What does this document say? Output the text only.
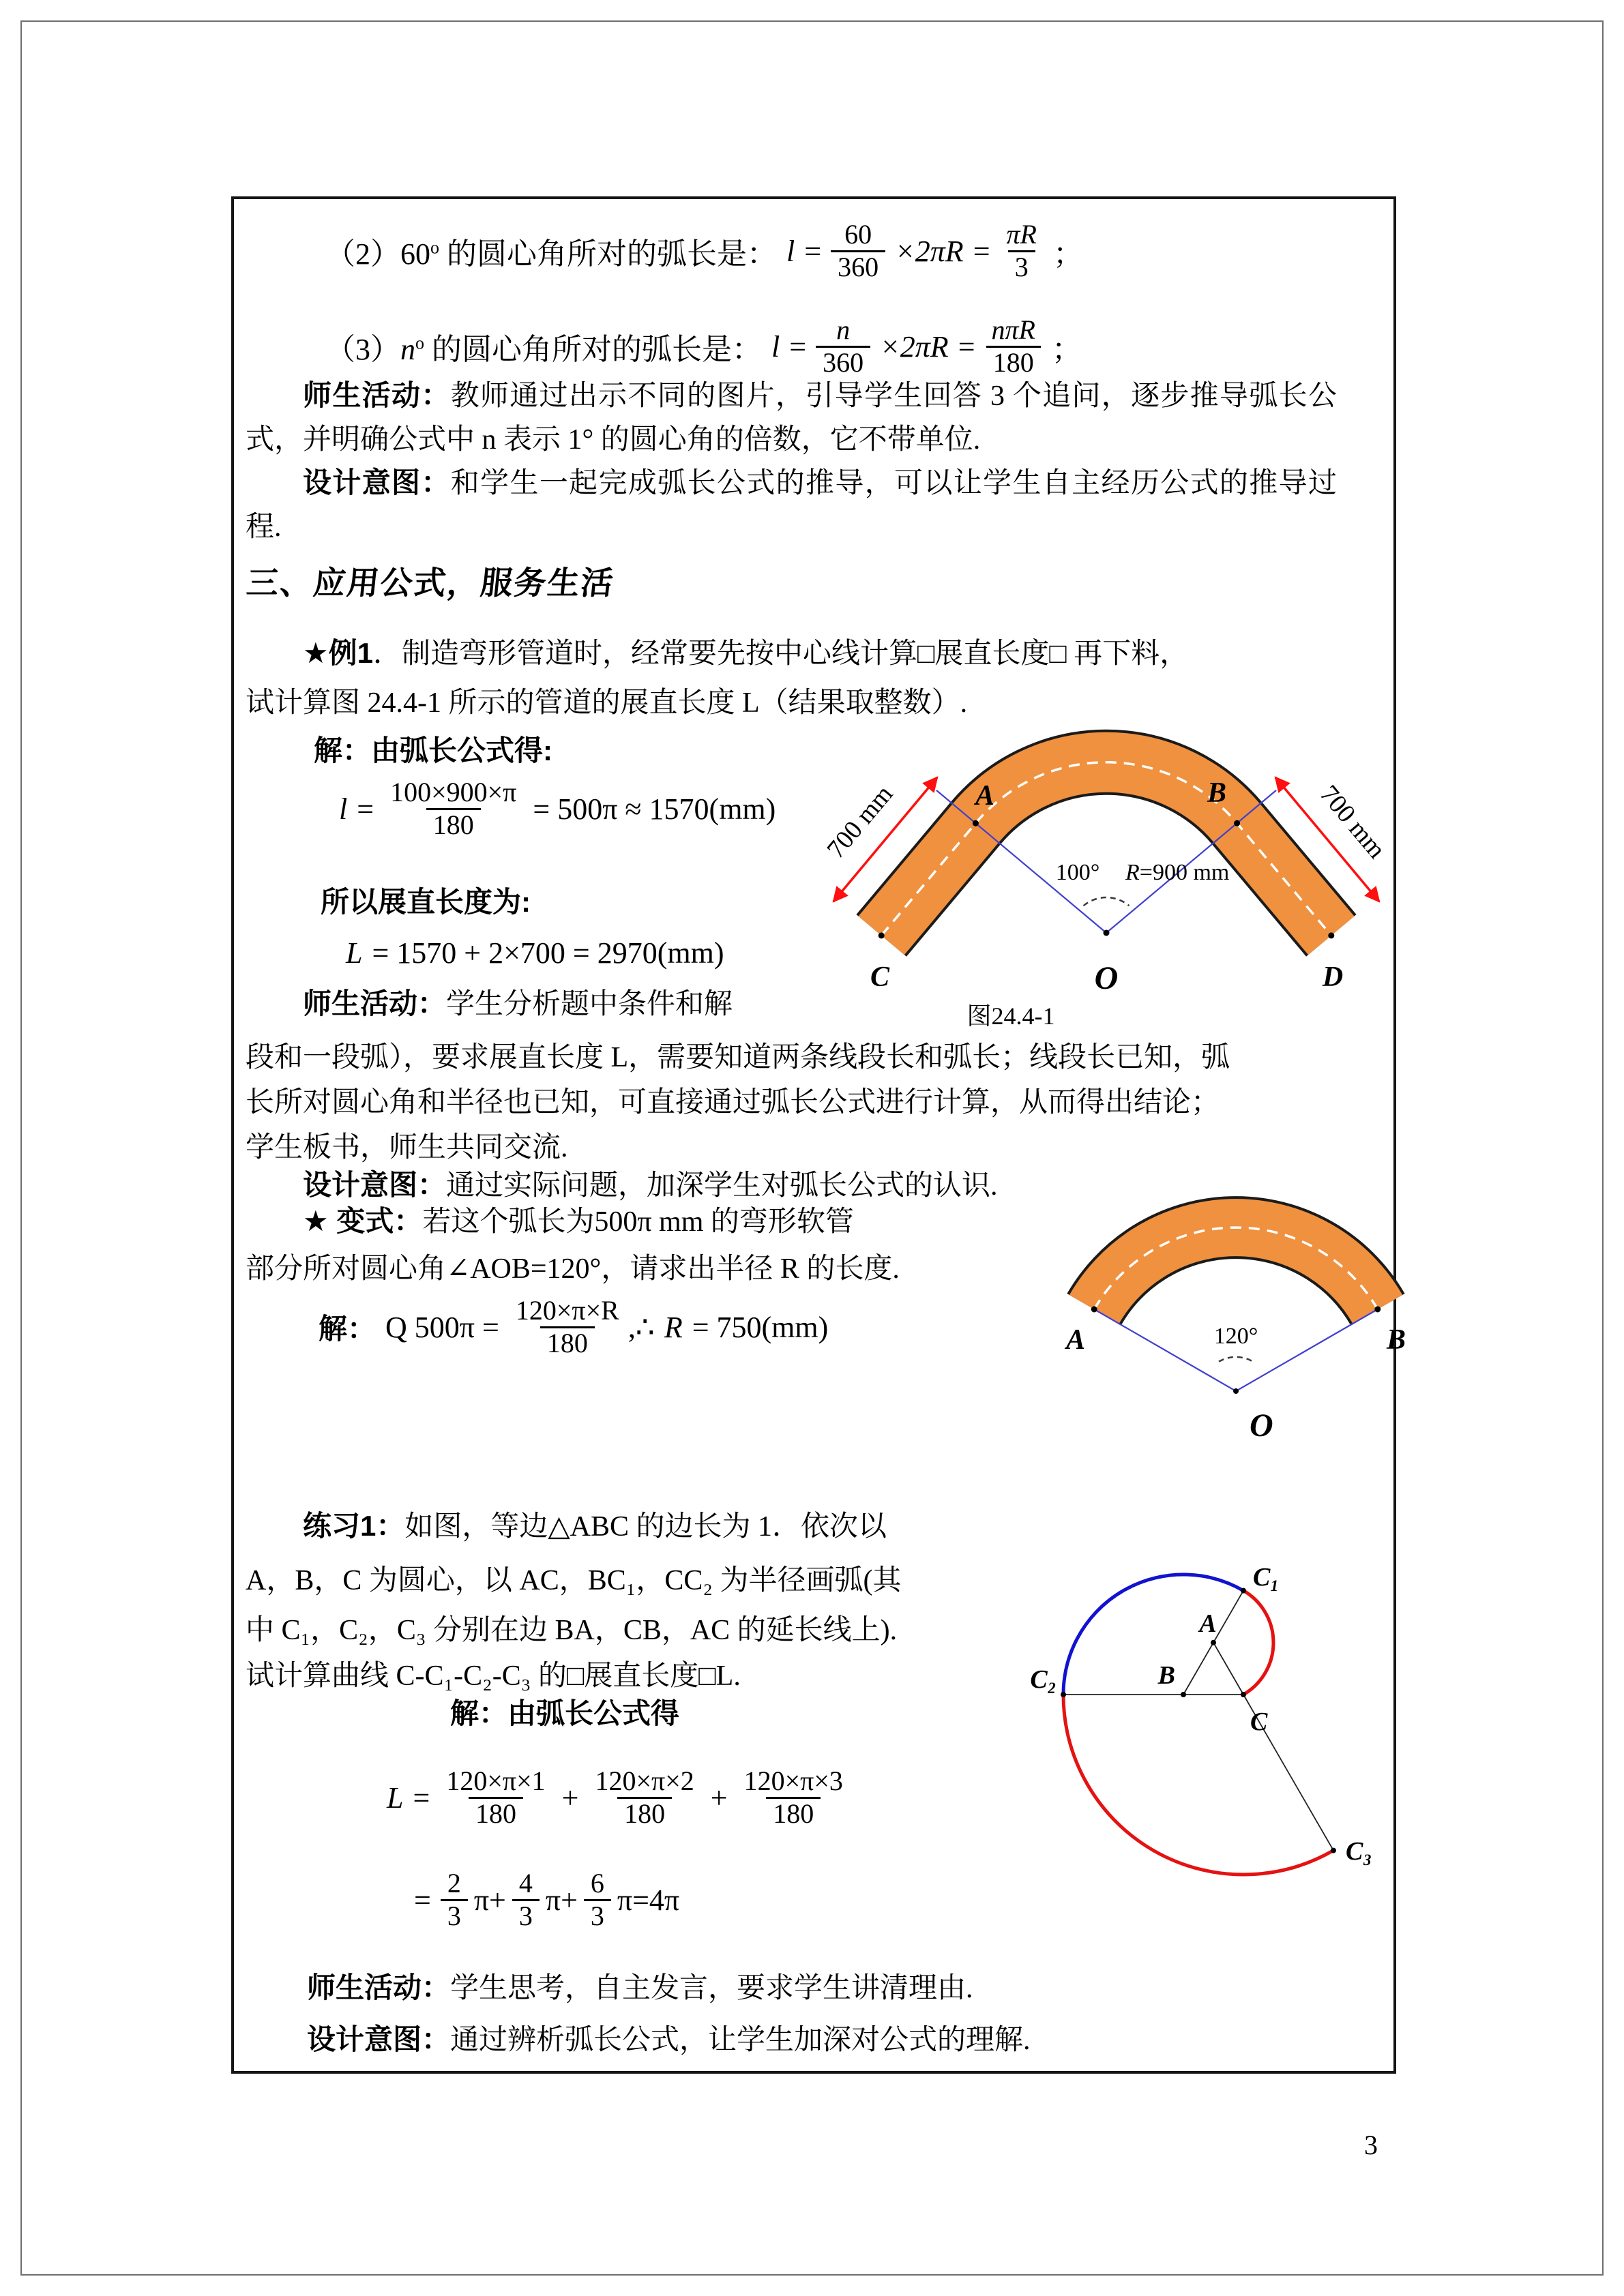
（2）60$^o$ 的圆心角所对的弧长是： $l = \frac{60}{360} \times 2\pi R = \frac{\pi R}{3}$ ；
$(3)n^o$ 的圆心角所对的弧长是： $l = \frac{n}{360} \times 2\pi R = \frac{\text{nπR}}{180}$ ；
师生活动：教师通过出示不同的图片，引导学生回答 3 个追问，逐步推导弧长公式，并明确公式中 n 表示 1° 的圆心角的倍数，它不带单位.
设计意图：和学生一起完成弧长公式的推导，可以让学生自主经历公式的推导过程.
三、应用公式，服务生活
★例1．制造弯形管道时，经常要先按中心线计算□展直长度□ 再下料，
试计算图 24.4-1 所示的管道的展直长度 L（结果取整数）.
解：由弧长公式得:
$l = \frac{100\times 900\times\pi}{180} = 500\pi \approx 1570(mm)$
所以展直长度为:
L = 1570 + 2×700 = 2970(mm)
A	B
C	D
O
100° R=900 mm
700 mm	700 mm
图24.4-1
师生活动：学生分析题中条件和解
段和一段弧），要求展直长度 L，需要知道两条线段长和弧长；线段长已知，弧
长所对圆心角和半径也已知，可直接通过弧长公式进行计算，从而得出结论；
学生板书，师生共同交流.
设计意图：通过实际问题，加深学生对弧长公式的认识.
★ 变式：若这个弧长为500π mm 的弯形软管
部分所对圆心角∠AOB=120°，请求出半径 R 的长度.
解： Q $500\pi = \frac{120\times\pi\times R}{180}$ ,∴ R = 750(mm)	A	B
O
120°
练习1：如图，等边△ABC 的边长为 1．依次以
A，B，C 为圆心，以 AC，BC₁，CC₂ 为半径画弧(其
中 C₁，C₂，C₃ 分别在边 BA，CB，AC 的延长线上).
试计算曲线 C-C₁-C₂-C₃ 的□展直长度□L.
解：由弧长公式得
$L = \frac{120\times\pi\times 1}{180} + \frac{120\times\pi\times 2}{180} + \frac{120\times\pi\times 3}{180}$
= $\frac{2}{3} \pi+ \frac{4}{3} \pi+ \frac{6}{3} \pi=4\pi$
A
B
C
C₁
C₂
C₃
师生活动：学生思考，自主发言，要求学生讲清理由.
设计意图：通过辨析弧长公式，让学生加深对公式的理解.
3
